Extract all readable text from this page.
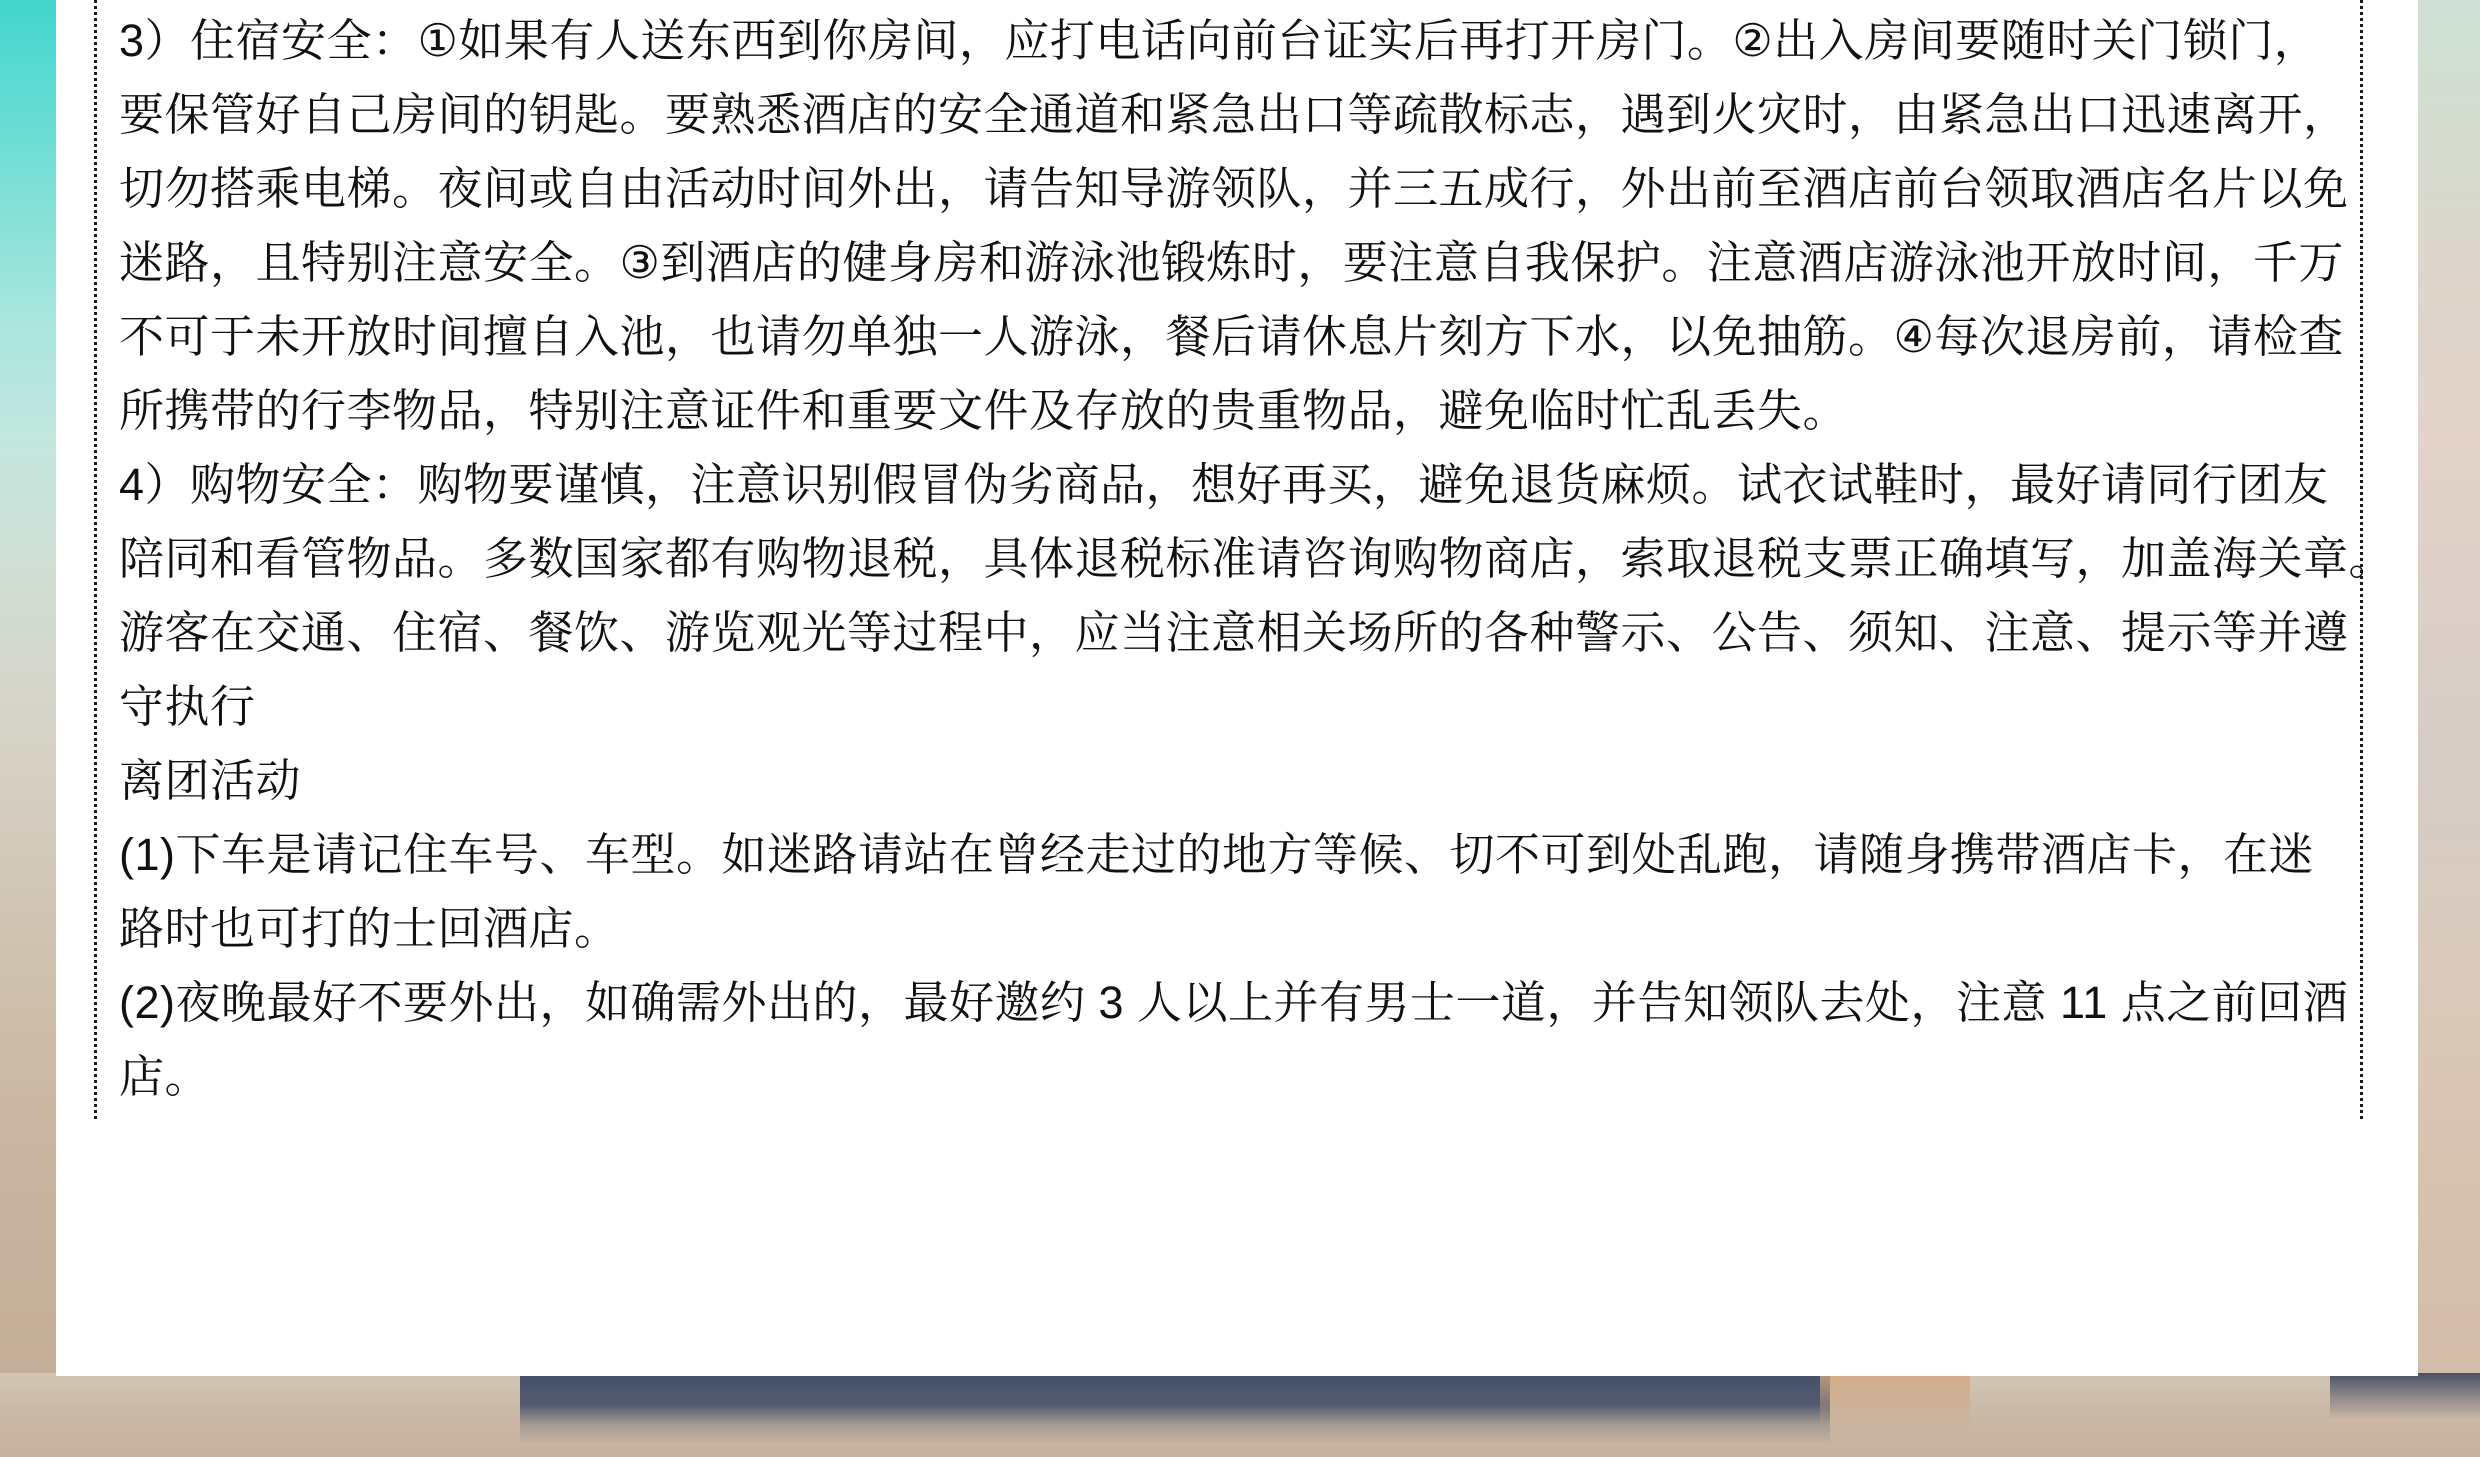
3）住宿安全：①如果有人送东西到你房间，应打电话向前台证实后再打开房门。②出入房间要随时关门锁门，

要保管好自己房间的钥匙。要熟悉酒店的安全通道和紧急出口等疏散标志，遇到火灾时，由紧急出口迅速离开，

切勿搭乘电梯。夜间或自由活动时间外出，请告知导游领队，并三五成行，外出前至酒店前台领取酒店名片以免

迷路，且特别注意安全。③到酒店的健身房和游泳池锻炼时，要注意自我保护。注意酒店游泳池开放时间，千万

不可于未开放时间擅自入池，也请勿单独一人游泳，餐后请休息片刻方下水，以免抽筋。④每次退房前，请检查

所携带的行李物品，特别注意证件和重要文件及存放的贵重物品，避免临时忙乱丢失。

4）购物安全：购物要谨慎，注意识别假冒伪劣商品，想好再买，避免退货麻烦。试衣试鞋时，最好请同行团友

陪同和看管物品。多数国家都有购物退税，具体退税标准请咨询购物商店，索取退税支票正确填写，加盖海关章。

游客在交通、住宿、餐饮、游览观光等过程中，应当注意相关场所的各种警示、公告、须知、注意、提示等并遵

守执行

离团活动

(1)下车是请记住车号、车型。如迷路请站在曾经走过的地方等候、切不可到处乱跑，请随身携带酒店卡，在迷

路时也可打的士回酒店。

(2)夜晚最好不要外出，如确需外出的，最好邀约 3 人以上并有男士一道，并告知领队去处，注意 11 点之前回酒

店。
